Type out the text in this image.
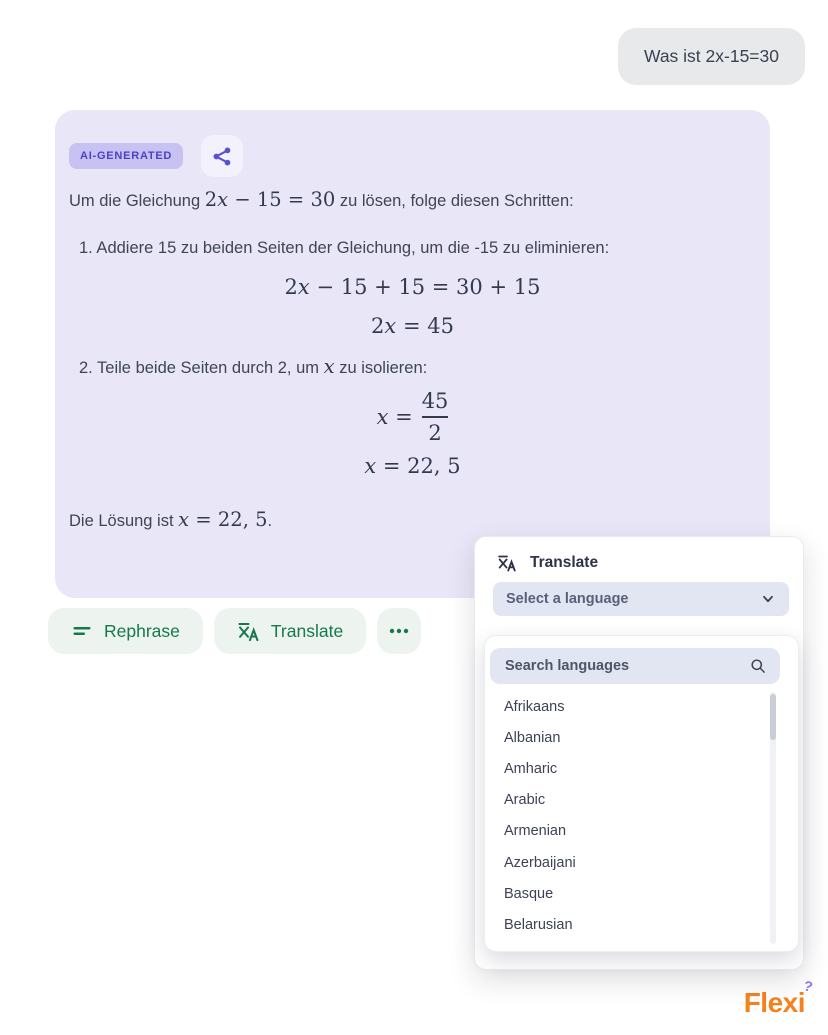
Was ist 2x-15=30
AI-GENERATED

Um die Gleichung 2x − 15 = 30 zu lösen, folge diesen Schritten:

1. Addiere 15 zu beiden Seiten der Gleichung, um die -15 zu eliminieren:

2x − 15 + 15 = 30 + 15
2x = 45

2. Teile beide Seiten durch 2, um x zu isolieren:

$x = \frac{45}{2}$
x = 22, 5

Die Lösung ist x = 22, 5.

Rephrase	Translate
Translate
Select a language
Search languages
Afrikaans
Albanian
Amharic
Arabic
Armenian
Azerbaijani
Basque
Belarusian
Flexi
?
